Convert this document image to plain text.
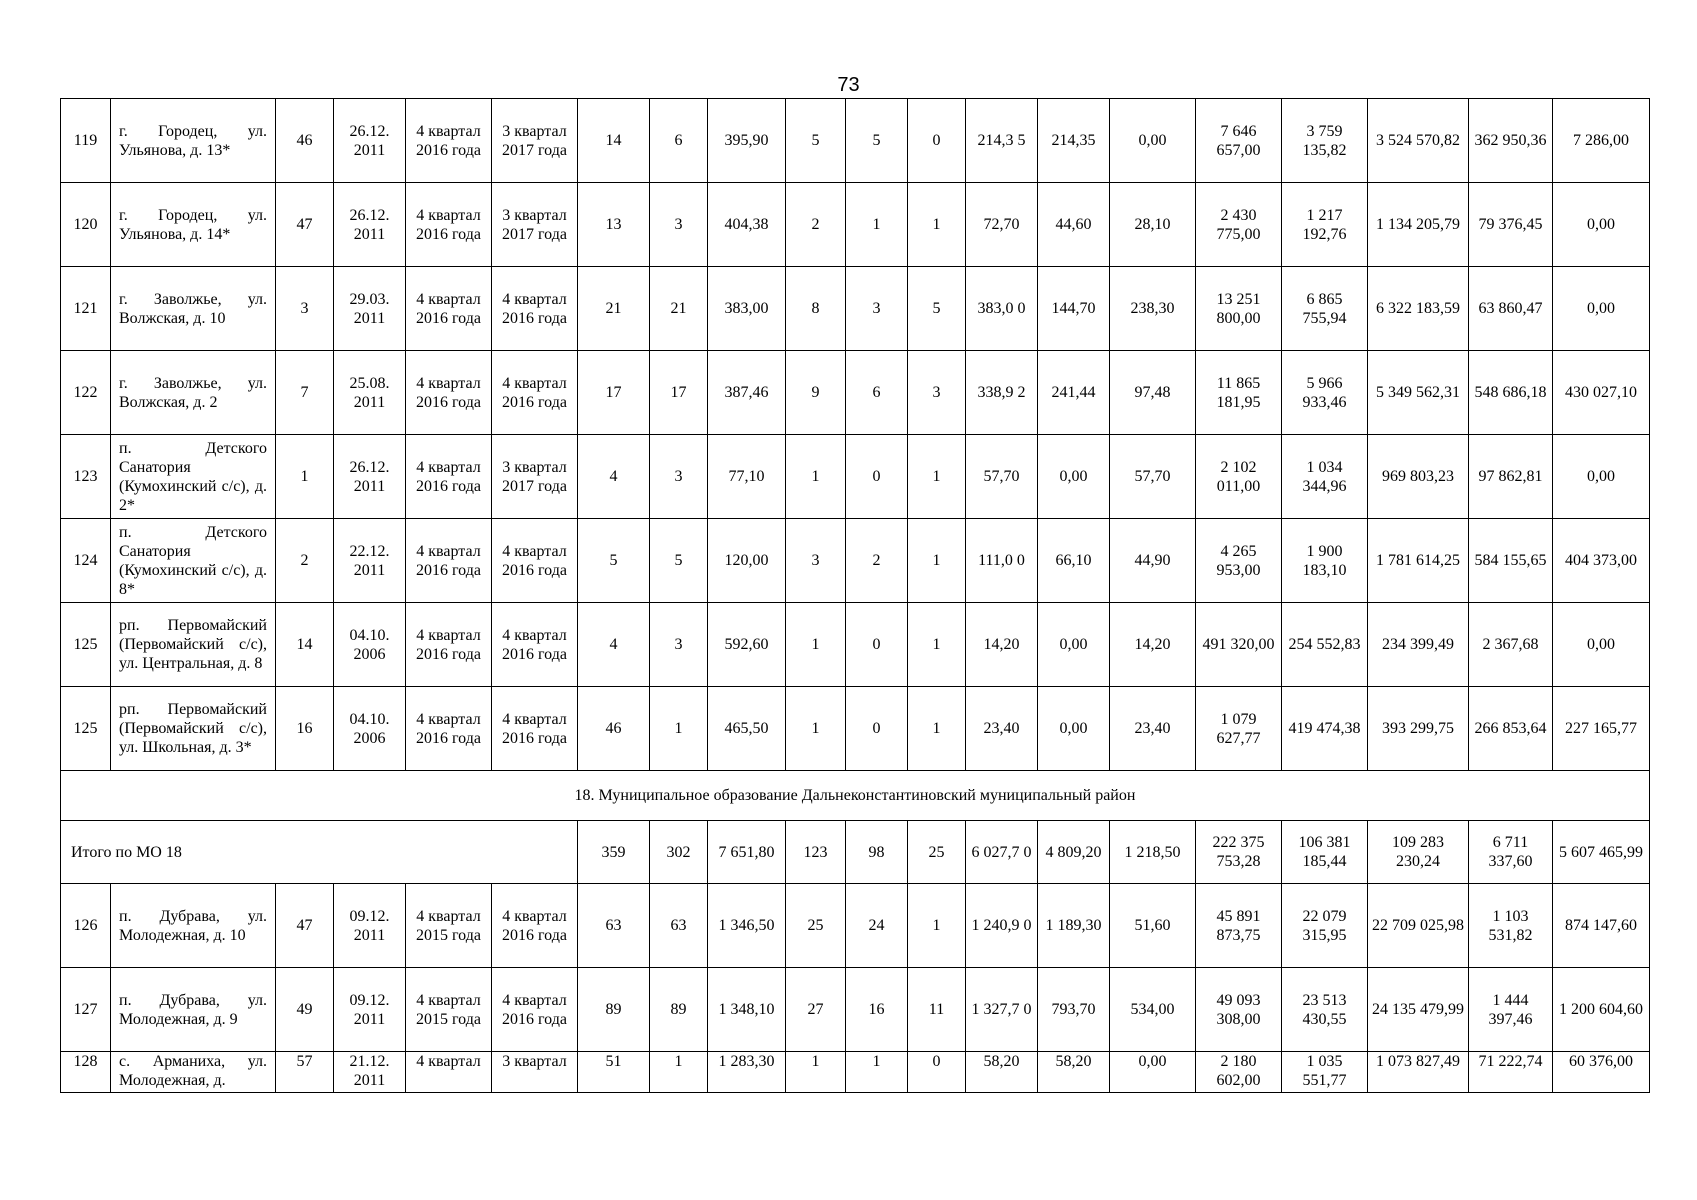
73
119	г. Городец, ул. Ульянова, д. 13*	46	26.12. 2011	4 квартал 2016 года	3 квартал 2017 года	14	6	395,90	5	5	0	214,3 5	214,35	0,00	7 646 657,00	3 759 135,82	3 524 570,82	362 950,36	7 286,00
120	г. Городец, ул. Ульянова, д. 14*	47	26.12. 2011	4 квартал 2016 года	3 квартал 2017 года	13	3	404,38	2	1	1	72,70	44,60	28,10	2 430 775,00	1 217 192,76	1 134 205,79	79 376,45	0,00
121	г. Заволжье, ул. Волжская, д. 10	3	29.03. 2011	4 квартал 2016 года	4 квартал 2016 года	21	21	383,00	8	3	5	383,0 0	144,70	238,30	13 251 800,00	6 865 755,94	6 322 183,59	63 860,47	0,00
122	г. Заволжье, ул. Волжская, д. 2	7	25.08. 2011	4 квартал 2016 года	4 квартал 2016 года	17	17	387,46	9	6	3	338,9 2	241,44	97,48	11 865 181,95	5 966 933,46	5 349 562,31	548 686,18	430 027,10
123	п. Детского Санатория (Кумохинский с/с), д. 2*	1	26.12. 2011	4 квартал 2016 года	3 квартал 2017 года	4	3	77,10	1	0	1	57,70	0,00	57,70	2 102 011,00	1 034 344,96	969 803,23	97 862,81	0,00
124	п. Детского Санатория (Кумохинский с/с), д. 8*	2	22.12. 2011	4 квартал 2016 года	4 квартал 2016 года	5	5	120,00	3	2	1	111,0 0	66,10	44,90	4 265 953,00	1 900 183,10	1 781 614,25	584 155,65	404 373,00
125	рп. Первомайский (Первомайский с/с), ул. Центральная, д. 8	14	04.10. 2006	4 квартал 2016 года	4 квартал 2016 года	4	3	592,60	1	0	1	14,20	0,00	14,20	491 320,00	254 552,83	234 399,49	2 367,68	0,00
125	рп. Первомайский (Первомайский с/с), ул. Школьная, д. 3*	16	04.10. 2006	4 квартал 2016 года	4 квартал 2016 года	46	1	465,50	1	0	1	23,40	0,00	23,40	1 079 627,77	419 474,38	393 299,75	266 853,64	227 165,77
18. Муниципальное образование Дальнеконстантиновский муниципальный район																			
Итого по МО 18						359	302	7 651,80	123	98	25	6 027,7 0	4 809,20	1 218,50	222 375 753,28	106 381 185,44	109 283 230,24	6 711 337,60	5 607 465,99
126	п. Дубрава, ул. Молодежная, д. 10	47	09.12. 2011	4 квартал 2015 года	4 квартал 2016 года	63	63	1 346,50	25	24	1	1 240,9 0	1 189,30	51,60	45 891 873,75	22 079 315,95	22 709 025,98	1 103 531,82	874 147,60
127	п. Дубрава, ул. Молодежная, д. 9	49	09.12. 2011	4 квартал 2015 года	4 квартал 2016 года	89	89	1 348,10	27	16	11	1 327,7 0	793,70	534,00	49 093 308,00	23 513 430,55	24 135 479,99	1 444 397,46	1 200 604,60
128	с. Арманиха, ул. Молодежная, д.	57	21.12. 2011	4 квартал	3 квартал	51	1	1 283,30	1	1	0	58,20	58,20	0,00	2 180 602,00	1 035 551,77	1 073 827,49	71 222,74	60 376,00
